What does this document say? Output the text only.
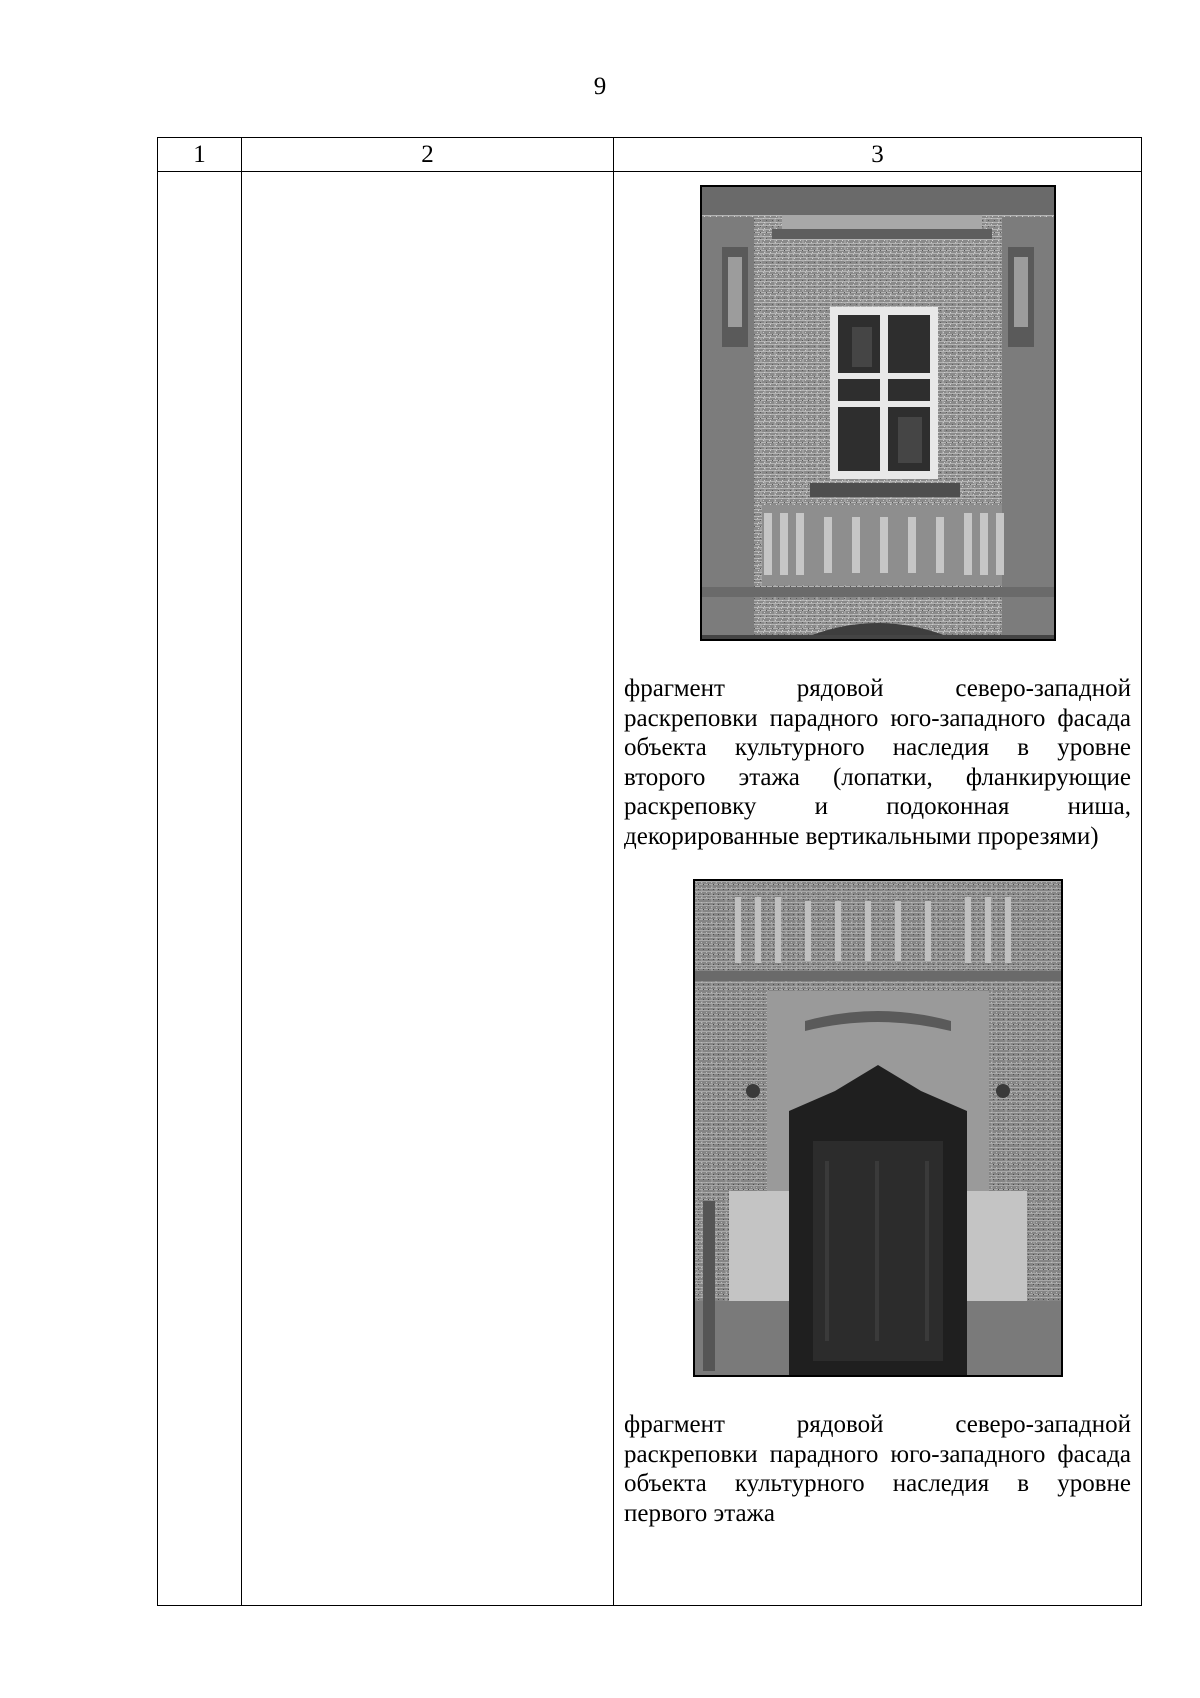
9
1	2	3

		фрагмент рядовой северо-западной раскреповки парадного юго-западного фасада объекта культурного наследия в уровне второго этажа (лопатки, фланкирующие раскреповку и подоконная ниша, декорированные вертикальными прорезями)

фрагмент рядовой северо-западной раскреповки парадного юго-западного фасада объекта культурного наследия в уровне первого этажа
